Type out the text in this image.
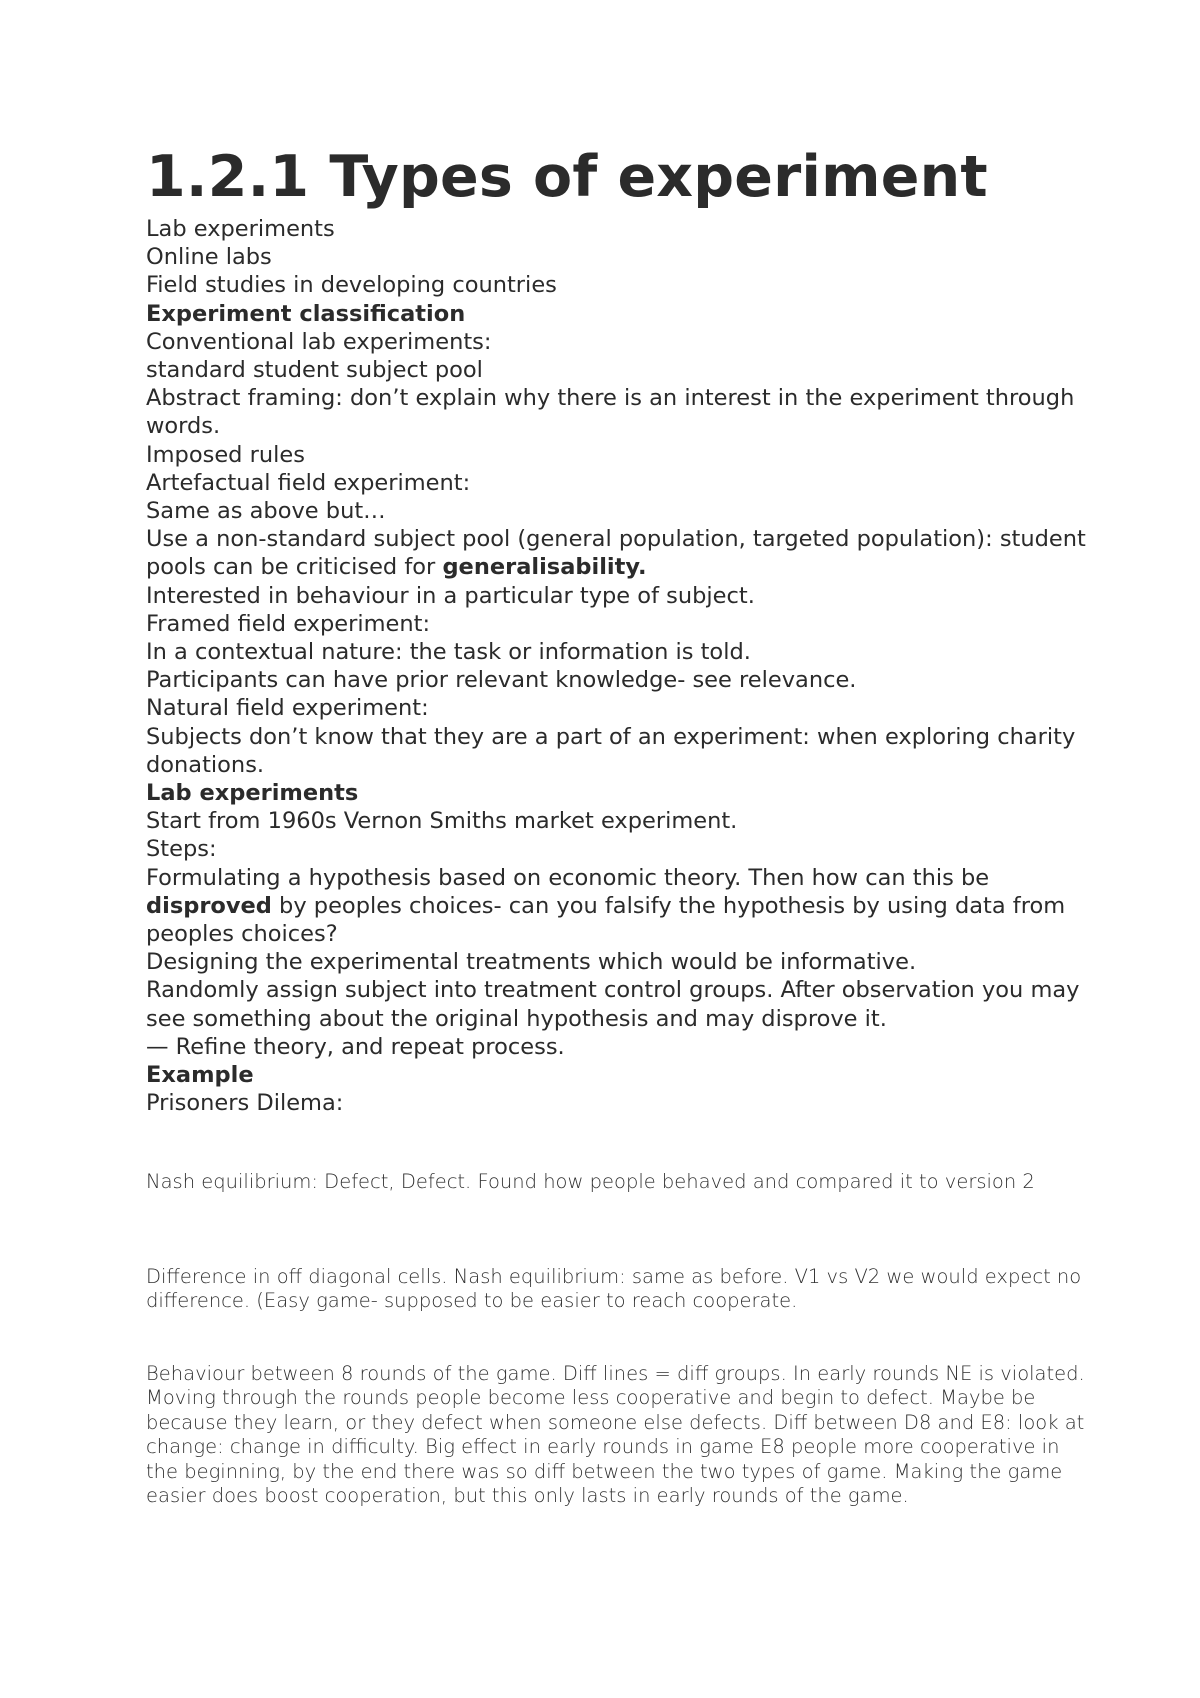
1.2.1 Types of experiment

Lab experiments

Online labs

Field studies in developing countries

Experiment classification

Conventional lab experiments:

standard student subject pool

Abstract framing: don’t explain why there is an interest in the experiment through words.

Imposed rules

Artefactual field experiment:

Same as above but…

Use a non-standard subject pool (general population, targeted population): student pools can be criticised for generalisability.

Interested in behaviour in a particular type of subject.

Framed field experiment:

In a contextual nature: the task or information is told.

Participants can have prior relevant knowledge- see relevance.

Natural field experiment:

Subjects don’t know that they are a part of an experiment: when exploring charity donations.

Lab experiments

Start from 1960s Vernon Smiths market experiment.

Steps:

Formulating a hypothesis based on economic theory. Then how can this be disproved by peoples choices- can you falsify the hypothesis by using data from peoples choices?

Designing the experimental treatments which would be informative.

Randomly assign subject into treatment control groups. After observation you may see something about the original hypothesis and may disprove it.

— Refine theory, and repeat process.

Example

Prisoners Dilema:

Nash equilibrium: Defect, Defect. Found how people behaved and compared it to version 2

Difference in off diagonal cells. Nash equilibrium: same as before. V1 vs V2 we would expect no difference. (Easy game- supposed to be easier to reach cooperate.

Behaviour between 8 rounds of the game. Diff lines = diff groups. In early rounds NE is violated. Moving through the rounds people become less cooperative and begin to defect. Maybe be because they learn, or they defect when someone else defects. Diff between D8 and E8: look at change: change in difficulty. Big effect in early rounds in game E8 people more cooperative in the beginning, by the end there was so diff between the two types of game. Making the game easier does boost cooperation, but this only lasts in early rounds of the game.
